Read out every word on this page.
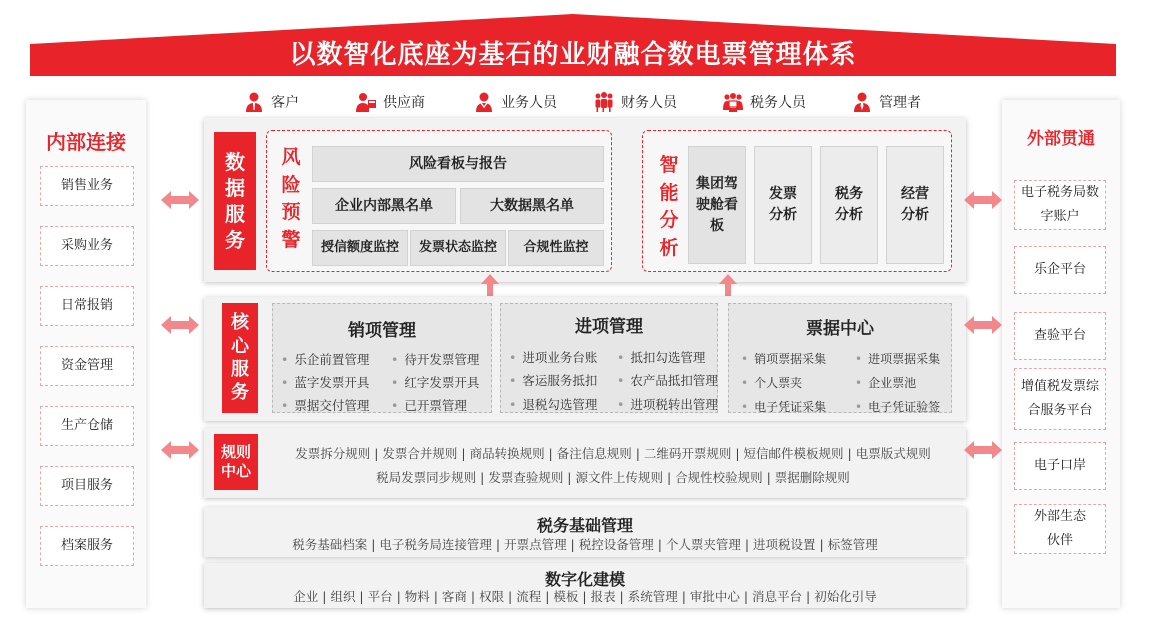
以数智化底座为基石的业财融合数电票管理体系
客户	供应商	业务人员	财务人员	税务人员	管理者
内部连接
销售业务
采购业务
日常报销
资金管理
生产仓储
项目服务
档案服务
外部贯通
电子税务局数字账户
乐企平台
查验平台
增值税发票综合服务平台
电子口岸
外部生态伙伴
数据服务
风险预警
风险看板与报告
企业内部黑名单	大数据黑名单
授信额度监控	发票状态监控	合规性监控
智能分析
集团驾驶舱看板
发票分析
税务分析
经营分析
核心服务
销项管理
• 乐企前置管理	• 待开发票管理
• 蓝字发票开具	• 红字发票开具
• 票据交付管理	• 已开票管理
进项管理
• 进项业务台账	• 抵扣勾选管理
• 客运服务抵扣	• 农产品抵扣管理
• 退税勾选管理	• 进项税转出管理
票据中心
• 销项票据采集	• 进项票据采集
• 个人票夹	• 企业票池
• 电子凭证采集	• 电子凭证验签
规则中心
发票拆分规则 | 发票合并规则 | 商品转换规则 | 备注信息规则 | 二维码开票规则 | 短信邮件模板规则 | 电票版式规则
税局发票同步规则 | 发票查验规则 | 源文件上传规则 | 合规性校验规则 | 票据删除规则
税务基础管理
税务基础档案 | 电子税务局连接管理 | 开票点管理 | 税控设备管理 | 个人票夹管理 | 进项税设置 | 标签管理
数字化建模
企业 | 组织 | 平台 | 物料 | 客商 | 权限 | 流程 | 模板 | 报表 | 系统管理 | 审批中心 | 消息平台 | 初始化引导
